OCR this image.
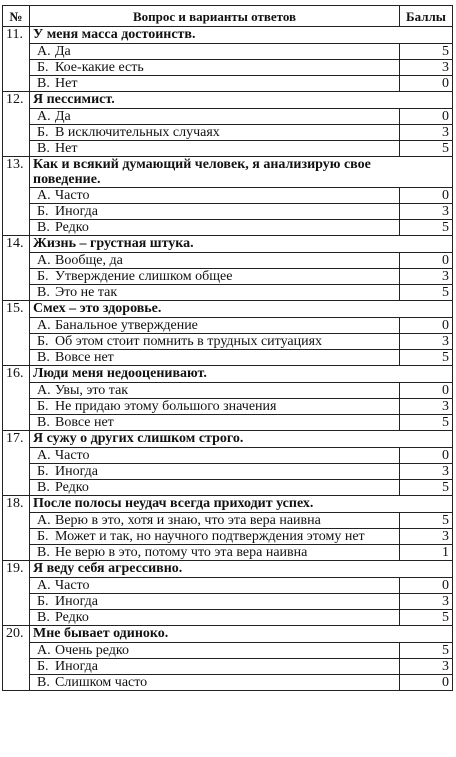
№	Вопрос и варианты ответов	Баллы
11.	У меня масса достоинств.	
	А. Да	5
	Б. Кое-какие есть	3
	В. Нет	0
12.	Я пессимист.	
	А. Да	0
	Б. В исключительных случаях	3
	В. Нет	5
13.	Как и всякий думающий человек, я анализирую своe поведение.	
	А. Часто	0
	Б. Иногда	3
	В. Редко	5
14.	Жизнь – грустная штука.	
	А. Вообще, да	0
	Б. Утверждение слишком общее	3
	В. Это не так	5
15.	Смех – это здоровье.	
	А. Банальное утверждение	0
	Б. Об этом стоит помнить в трудных ситуациях	3
	В. Вовсе нет	5
16.	Люди меня недооценивают.	
	А. Увы, это так	0
	Б. Не придаю этому большого значения	3
	В. Вовсе нет	5
17.	Я сужу о других слишком строго.	
	А. Часто	0
	Б. Иногда	3
	В. Редко	5
18.	После полосы неудач всегда приходит успех.	
	А. Верю в это, хотя и знаю, что эта вера наивна	5
	Б. Может и так, но научного подтверждения этому нет	3
	В. Не верю в это, потому что эта вера наивна	1
19.	Я веду себя агрессивно.	
	А. Часто	0
	Б. Иногда	3
	В. Редко	5
20.	Мне бывает одиноко.	
	А. Очень редко	5
	Б. Иногда	3
	В. Слишком часто	0
